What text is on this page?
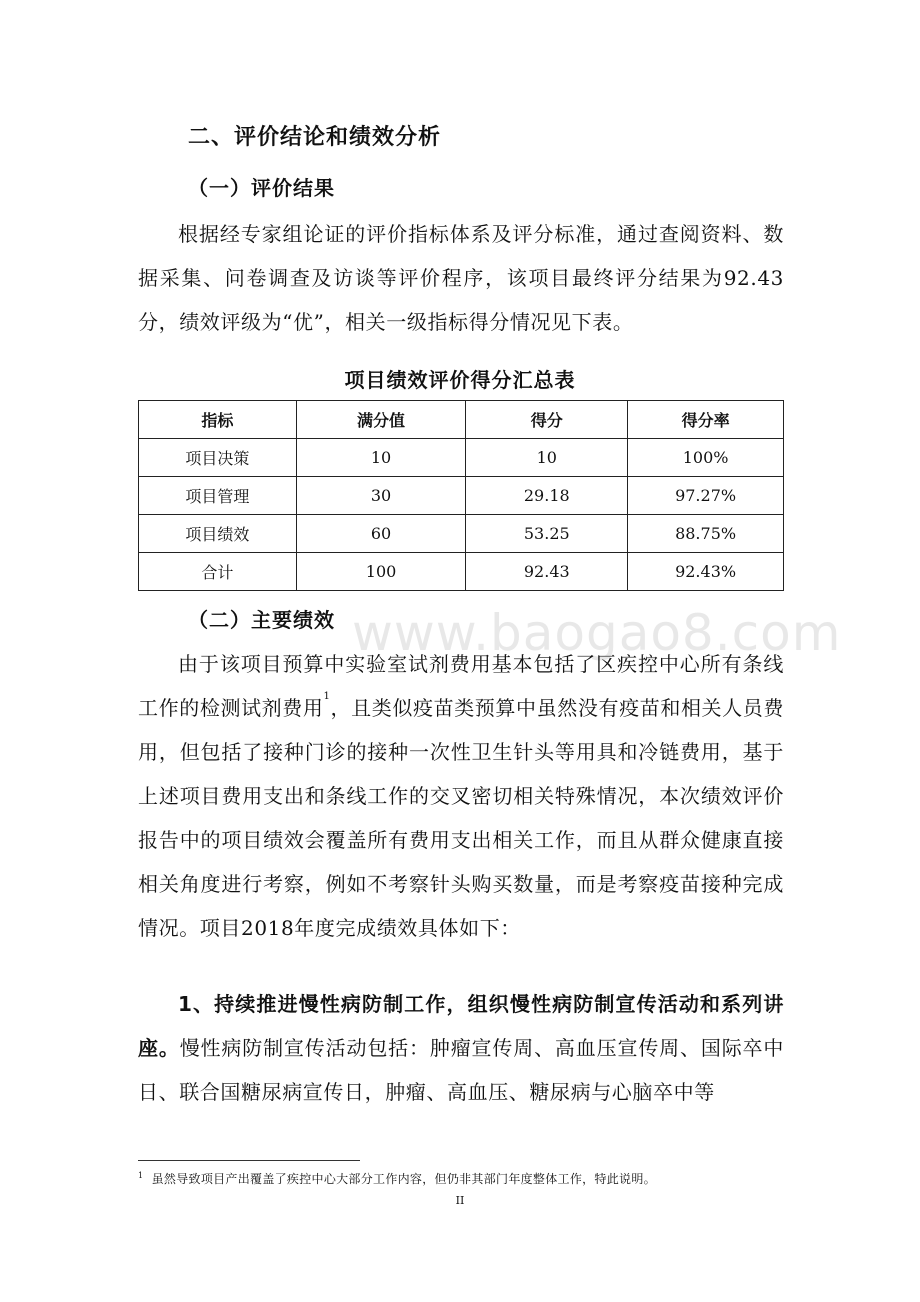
www.baogao8.com
二、评价结论和绩效分析
（一）评价结果
根据经专家组论证的评价指标体系及评分标准，通过查阅资料、数据采集、问卷调查及访谈等评价程序，该项目最终评分结果为92.43分，绩效评级为“优”，相关一级指标得分情况见下表。
项目绩效评价得分汇总表
指标	满分值	得分	得分率
项目决策	10	10	100%
项目管理	30	29.18	97.27%
项目绩效	60	53.25	88.75%
合计	100	92.43	92.43%
（二）主要绩效
由于该项目预算中实验室试剂费用基本包括了区疾控中心所有条线工作的检测试剂费用$^1$，且类似疫苗类预算中虽然没有疫苗和相关人员费用，但包括了接种门诊的接种一次性卫生针头等用具和冷链费用，基于上述项目费用支出和条线工作的交叉密切相关特殊情况，本次绩效评价报告中的项目绩效会覆盖所有费用支出相关工作，而且从群众健康直接相关角度进行考察，例如不考察针头购买数量，而是考察疫苗接种完成情况。项目2018年度完成绩效具体如下：
1、持续推进慢性病防制工作，组织慢性病防制宣传活动和系列讲座。慢性病防制宣传活动包括：肿瘤宣传周、高血压宣传周、国际卒中日、联合国糖尿病宣传日，肿瘤、高血压、糖尿病与心脑卒中等
$^1$ 虽然导致项目产出覆盖了疾控中心大部分工作内容，但仍非其部门年度整体工作，特此说明。
II
